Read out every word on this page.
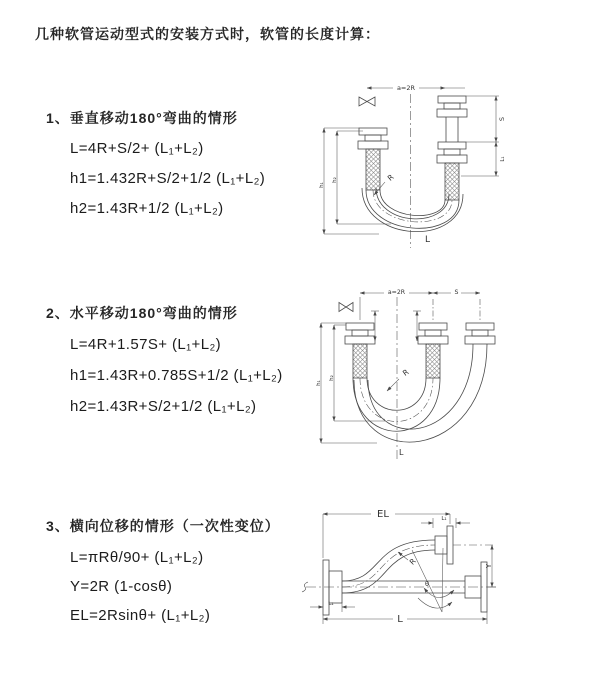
几种软管运动型式的安装方式时，软管的长度计算：
1、垂直移动180°弯曲的情形
L=4R+S/2+ (L₁+L₂)
h1=1.432R+S/2+1/2 (L₁+L₂)
h2=1.43R+1/2 (L₁+L₂)
2、水平移动180°弯曲的情形
L=4R+1.57S+ (L₁+L₂)
h1=1.43R+0.785S+1/2 (L₁+L₂)
h2=1.43R+S/2+1/2 (L₁+L₂)
3、横向位移的情形（一次性变位）
L=πRθ/90+ (L₁+L₂)
Y=2R (1-cosθ)
EL=2Rsinθ+ (L₁+L₂)
a=2R
S
L₁
h₁
h₂	R
L
a=2R	S
h₁
h₂
R
L
EL	L₁
L₁
Y
R
θ
L
